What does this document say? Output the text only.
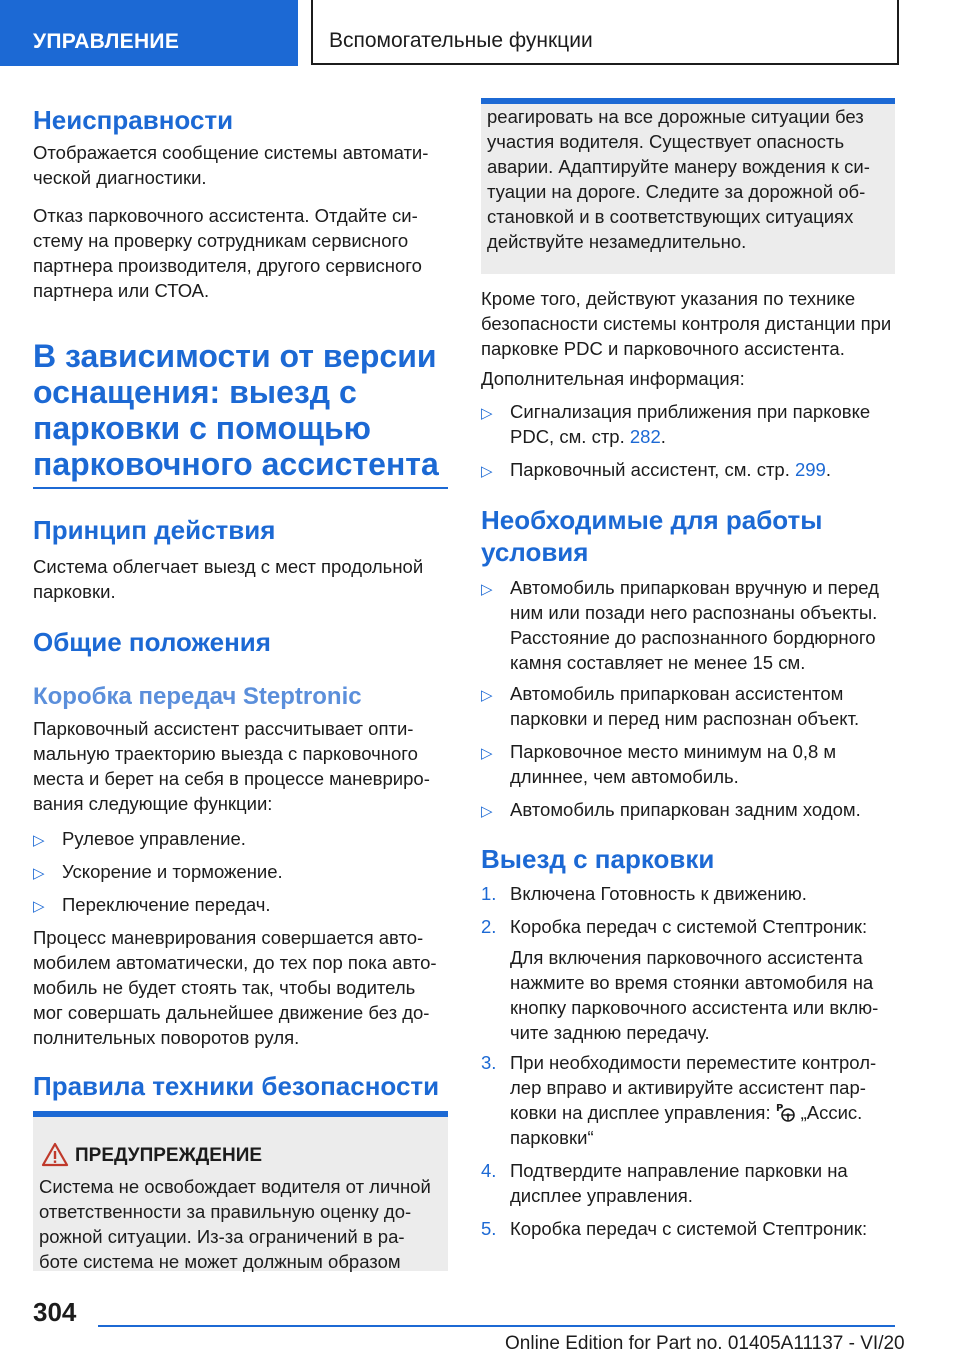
УПРАВЛЕНИЕ	Вспомогательные функции
Неисправности

Отображается сообщение системы автомати-ческой диагностики.

Отказ парковочного ассистента. Отдайте си-стему на проверку сотрудникам сервисного партнера производителя, другого сервисного партнера или СТОА.

В зависимости от версии оснащения: выезд с парковки с помощью парковочного ассистента
Принцип действия

Система облегчает выезд с мест продольной парковки.

Общие положения
Коробка передач Steptronic

Парковочный ассистент рассчитывает опти-мальную траекторию выезда с парковочного места и берет на себя в процессе маневриро-вания следующие функции:

▷ Рулевое управление.
▷ Ускорение и торможение.
▷ Переключение передач.

Процесс маневрирования совершается авто-мобилем автоматически, до тех пор пока авто-мобиль не будет стоять так, чтобы водитель мог совершать дальнейшее движение без до-полнительных поворотов руля.

Правила техники безопасности
ПРЕДУПРЕЖДЕНИЕ
Система не освобождает водителя от личной ответственности за правильную оценку до-рожной ситуации. Из-за ограничений в ра-боте система не может должным образом

реагировать на все дорожные ситуации без участия водителя. Существует опасность аварии. Адаптируйте манеру вождения к си-туации на дороге. Следите за дорожной об-становкой и в соответствующих ситуациях действуйте незамедлительно.

Кроме того, действуют указания по технике безопасности системы контроля дистанции при парковке PDC и парковочного ассистента.

Дополнительная информация:

▷ Сигнализация приближения при парковке PDC, см. стр. 282.
▷ Парковочный ассистент, см. стр. 299.
Необходимые для работы условия
▷ Автомобиль припаркован вручную и перед ним или позади него распознаны объекты. Расстояние до распознанного бордюрного камня составляет не менее 15 см.
▷ Автомобиль припаркован ассистентом парковки и перед ним распознан объект.
▷ Парковочное место минимум на 0,8 м длиннее, чем автомобиль.
▷ Автомобиль припаркован задним ходом.
Выезд с парковки
1. Включена Готовность к движению.
2. Коробка передач с системой Стептроник:
Для включения парковочного ассистента нажмите во время стоянки автомобиля на кнопку парковочного ассистента или вклю-чите заднюю передачу.
3. При необходимости переместите контрол-лер вправо и активируйте ассистент пар-ковки на дисплее управления: P „Ассис. парковки“
4. Подтвердите направление парковки на дисплее управления.
5. Коробка передач с системой Стептроник:
304
Online Edition for Part no. 01405A11137 - VI/20
